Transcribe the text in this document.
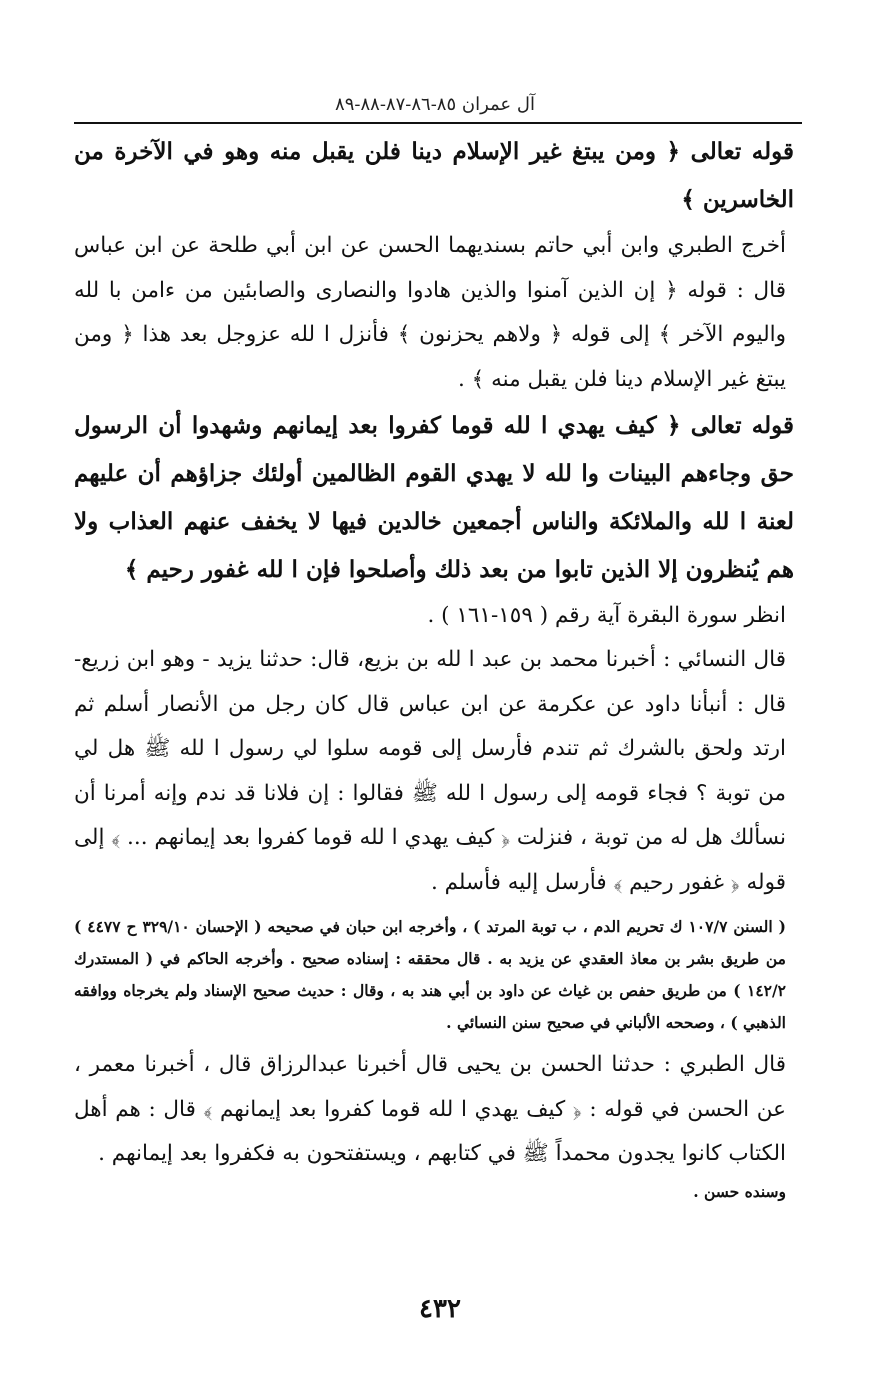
آل عمران ٨٥-٨٦-٨٧-٨٨-٨٩

قوله تعالى ﴿ ومن يبتغ غير الإسلام دينا فلن يقبل منه وهو في الآخرة من الخاسرين ﴾

أخرج الطبري وابن أبي حاتم بسنديهما الحسن عن ابن أبي طلحة عن ابن عباس قال : قوله ﴿ إن الذين آمنوا والذين هادوا والنصارى والصابئين من ءامن با لله واليوم الآخر ﴾ إلى قوله ﴿ ولاهم يحزنون ﴾ فأنزل ا لله عزوجل بعد هذا ﴿ ومن يبتغ غير الإسلام دينا فلن يقبل منه ﴾ .

قوله تعالى ﴿ كيف يهدي ا لله قوما كفروا بعد إيمانهم وشهدوا أن الرسول حق وجاءهم البينات وا لله لا يهدي القوم الظالمين أولئك جزاؤهم أن عليهم لعنة ا لله والملائكة والناس أجمعين خالدين فيها لا يخفف عنهم العذاب ولا هم يُنظرون إلا الذين تابوا من بعد ذلك وأصلحوا فإن ا لله غفور رحيم ﴾

انظر سورة البقرة آية رقم ( ١٥٩-١٦١ ) .

قال النسائي : أخبرنا محمد بن عبد ا لله بن بزيع، قال: حدثنا يزيد - وهو ابن زريع- قال : أنبأنا داود عن عكرمة عن ابن عباس قال كان رجل من الأنصار أسلم ثم ارتد ولحق بالشرك ثم تندم فأرسل إلى قومه سلوا لي رسول ا لله ﷺ هل لي من توبة ؟ فجاء قومه إلى رسول ا لله ﷺ فقالوا : إن فلانا قد ندم وإنه أمرنا أن نسألك هل له من توبة ، فنزلت ﴿ كيف يهدي ا لله قوما كفروا بعد إيمانهم ... ﴾ إلى قوله ﴿ غفور رحيم ﴾ فأرسل إليه فأسلم .

( السنن ١٠٧/٧ ك تحريم الدم ، ب توبة المرتد ) ، وأخرجه ابن حبان في صحيحه ( الإحسان ٣٢٩/١٠ ح ٤٤٧٧ ) من طريق بشر بن معاذ العقدي عن يزيد به . قال محققه : إسناده صحيح . وأخرجه الحاكم في ( المستدرك ١٤٢/٢ ) من طريق حفص بن غياث عن داود بن أبي هند به ، وقال : حديث صحيح الإسناد ولم يخرجاه ووافقه الذهبي ) ، وصححه الألباني في صحيح سنن النسائي .

قال الطبري : حدثنا الحسن بن يحيى قال أخبرنا عبدالرزاق قال ، أخبرنا معمر ، عن الحسن في قوله : ﴿ كيف يهدي ا لله قوما كفروا بعد إيمانهم ﴾ قال : هم أهل الكتاب كانوا يجدون محمداً ﷺ في كتابهم ، ويستفتحون به فكفروا بعد إيمانهم .

وسنده حسن .

٤٣٢
